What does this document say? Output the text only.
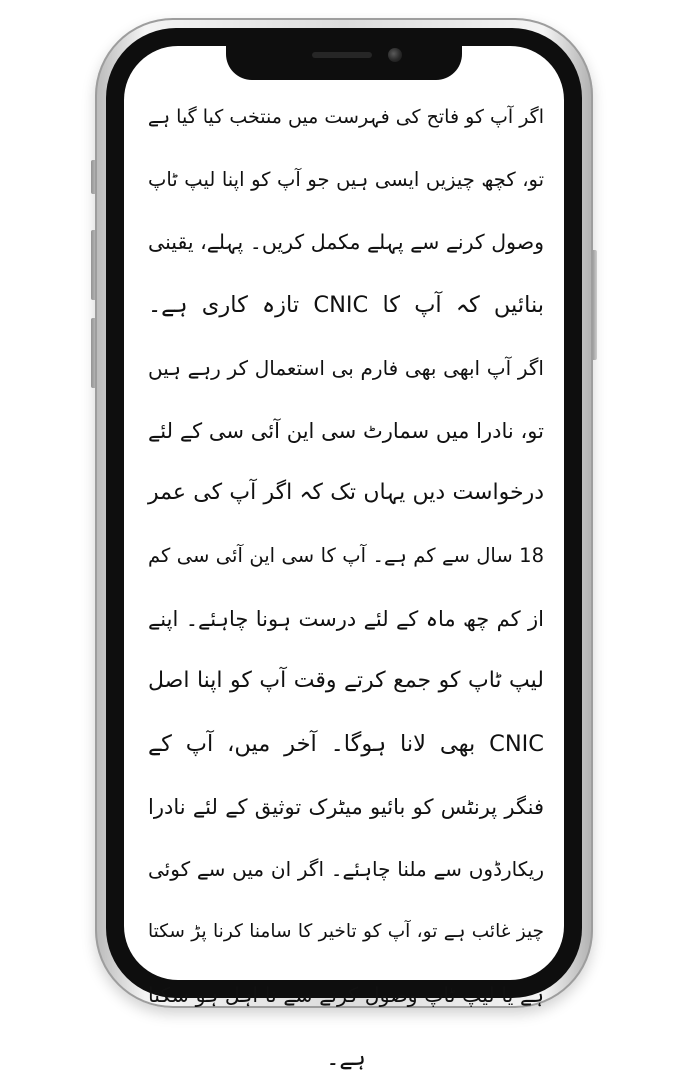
اگر آپ کو فاتح کی فہرست میں منتخب کیا گیا ہے

تو، کچھ چیزیں ایسی ہیں جو آپ کو اپنا لیپ ٹاپ

وصول کرنے سے پہلے مکمل کریں۔ پہلے، یقینی

بنائیں کہ آپ کا CNIC تازہ کاری ہے۔

اگر آپ ابھی بھی فارم بی استعمال کر رہے ہیں

تو، نادرا میں سمارٹ سی این آئی سی کے لئے

درخواست دیں یہاں تک کہ اگر آپ کی عمر

18 سال سے کم ہے۔ آپ کا سی این آئی سی کم

از کم چھ ماہ کے لئے درست ہونا چاہئے۔ اپنے

لیپ ٹاپ کو جمع کرتے وقت آپ کو اپنا اصل

CNIC بھی لانا ہوگا۔ آخر میں، آپ کے

فنگر پرنٹس کو بائیو میٹرک توثیق کے لئے نادرا

ریکارڈوں سے ملنا چاہئے۔ اگر ان میں سے کوئی

چیز غائب ہے تو، آپ کو تاخیر کا سامنا کرنا پڑ سکتا

ہے یا لیپ ٹاپ وصول کرنے سے نا اہل ہو سکتا

ہے۔
